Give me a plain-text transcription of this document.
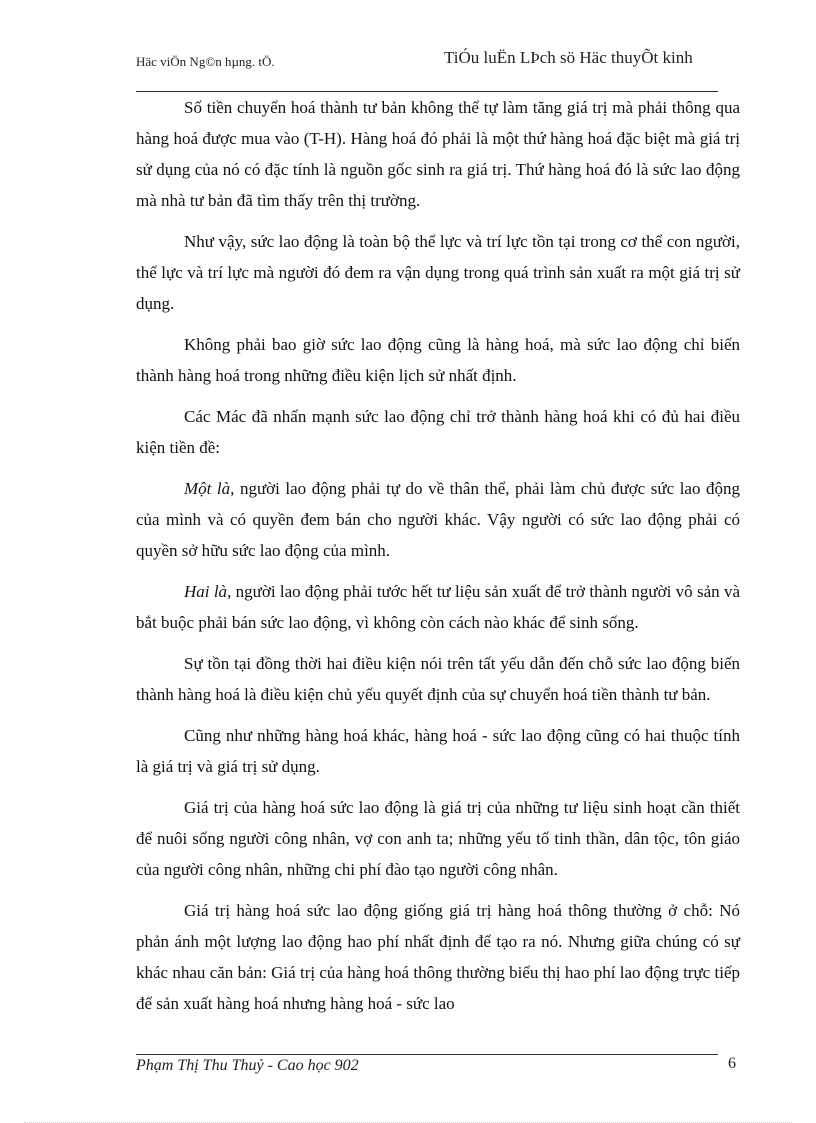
Häc viÖn Ng©n hµng. tÖ.	TiÓu luËn LÞch sö Häc thuyÕt kinh

Số tiền chuyển hoá thành tư bản không thể tự làm tăng giá trị mà phải thông qua hàng hoá được mua vào (T-H). Hàng hoá đó phải là một thứ hàng hoá đặc biệt mà giá trị sử dụng của nó có đặc tính là nguồn gốc sinh ra giá trị. Thứ hàng hoá đó là sức lao động mà nhà tư bản đã tìm thấy trên thị trường.

Như vậy, sức lao động là toàn bộ thể lực và trí lực tồn tại trong cơ thể con người, thể lực và trí lực mà người đó đem ra vận dụng trong quá trình sản xuất ra một giá trị sử dụng.

Không phải bao giờ sức lao động cũng là hàng hoá, mà sức lao động chỉ biến thành hàng hoá trong những điều kiện lịch sử nhất định.

Các Mác đã nhấn mạnh sức lao động chỉ trở thành hàng hoá khi có đủ hai điều kiện tiền đề:

Một là, người lao động phải tự do về thân thể, phải làm chủ được sức lao động của mình và có quyền đem bán cho người khác. Vậy người có sức lao động phải có quyền sở hữu sức lao động của mình.

Hai là, người lao động phải tước hết tư liệu sản xuất để trở thành người vô sản và bắt buộc phải bán sức lao động, vì không còn cách nào khác để sinh sống.

Sự tồn tại đồng thời hai điều kiện nói trên tất yếu dẫn đến chỗ sức lao động biến thành hàng hoá là điều kiện chủ yếu quyết định của sự chuyển hoá tiền thành tư bản.

Cũng như những hàng hoá khác, hàng hoá - sức lao động cũng có hai thuộc tính là giá trị và giá trị sử dụng.

Giá trị của hàng hoá sức lao động là giá trị của những tư liệu sinh hoạt cần thiết để nuôi sống người công nhân, vợ con anh ta; những yếu tố tinh thần, dân tộc, tôn giáo của người công nhân, những chi phí đào tạo người công nhân.

Giá trị hàng hoá sức lao động giống giá trị hàng hoá thông thường ở chỗ: Nó phản ánh một lượng lao động hao phí nhất định để tạo ra nó. Nhưng giữa chúng có sự khác nhau căn bản: Giá trị của hàng hoá thông thường biểu thị hao phí lao động trực tiếp để sản xuất hàng hoá nhưng hàng hoá - sức lao

Phạm Thị Thu Thuỷ - Cao học 902	6
